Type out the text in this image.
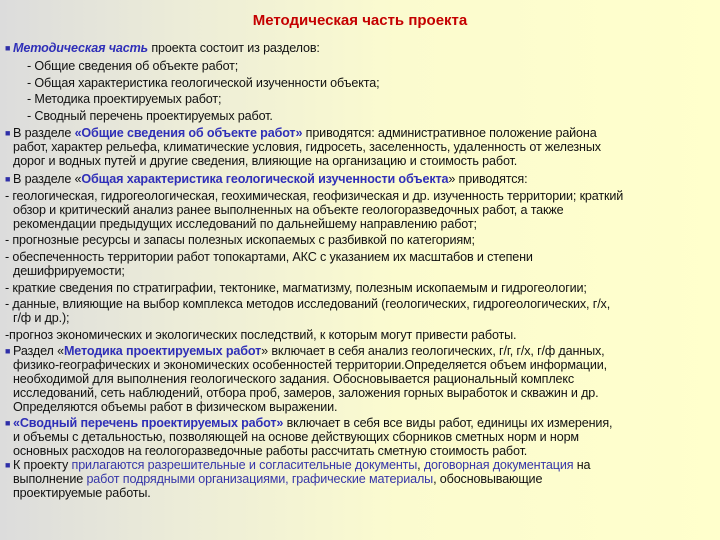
Методическая часть проекта
■ Методическая часть проекта состоит из разделов:
- Общие сведения об объекте работ;
- Общая характеристика геологической изученности объекта;
- Методика проектируемых работ;
- Сводный перечень проектируемых работ.
■ В разделе «Общие сведения об объекте работ» приводятся: административное положение района
работ, характер рельефа, климатические условия, гидросеть, заселенность, удаленность от железных
дорог и водных путей и другие сведения, влияющие на организацию и стоимость работ.
■ В разделе «Общая характеристика геологической изученности объекта» приводятся:
- геологическая, гидрогеологическая, геохимическая, геофизическая и др. изученность территории; краткий
обзор и критический анализ ранее выполненных на объекте геологоразведочных работ, а также
рекомендации предыдущих исследований по дальнейшему направлению работ;
- прогнозные ресурсы и запасы полезных ископаемых с разбивкой по категориям;
- обеспеченность территории работ топокартами, АКС с указанием их масштабов и степени
дешифрируемости;
- краткие сведения по стратиграфии, тектонике, магматизму, полезным ископаемым и гидрогеологии;
- данные, влияющие на выбор комплекса методов исследований (геологических, гидрогеологических, г/х,
г/ф и др.);
-прогноз экономических и экологических последствий, к которым могут привести работы.
■ Раздел «Методика проектируемых работ» включает в себя анализ геологических, г/г, г/х, г/ф данных,
физико-географических и экономических особенностей территории.Определяется объем информации,
необходимой для выполнения геологического задания. Обосновывается рациональный комплекс
исследований, сеть наблюдений, отбора проб, замеров, заложения горных выработок и скважин и др.
Определяются объемы работ в физическом выражении.
■ «Сводный перечень проектируемых работ» включает в себя все виды работ, единицы их измерения,
и объемы с детальностью, позволяющей на основе действующих сборников сметных норм и норм
основных расходов на геологоразведочные работы рассчитать сметную стоимость работ.
■ К проекту прилагаются разрешительные и согласительные документы, договорная документация на
выполнение работ подрядными организациями, графические материалы, обосновывающие
проектируемые работы.
